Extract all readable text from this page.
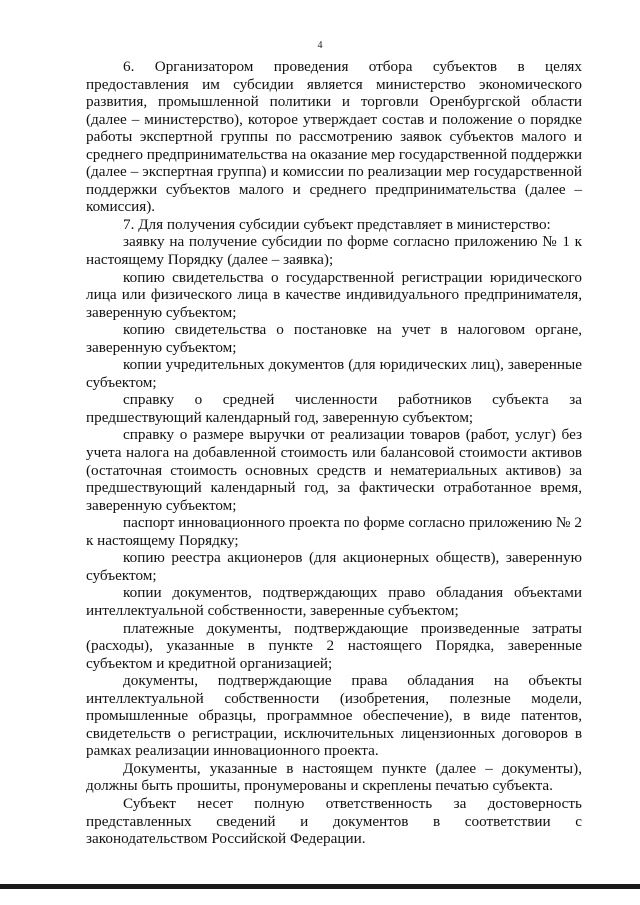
4

6. Организатором проведения отбора субъектов в целях предоставления им субсидии является министерство экономического развития, промышленной политики и торговли Оренбургской области (далее – министерство), которое утверждает состав и положение о порядке работы экспертной группы по рассмотрению заявок субъектов малого и среднего предпринимательства на оказание мер государственной поддержки (далее – экспертная группа) и комиссии по реализации мер государственной поддержки субъектов малого и среднего предпринимательства (далее – комиссия).

7. Для получения субсидии субъект представляет в министерство:

заявку на получение субсидии по форме согласно приложению № 1 к настоящему Порядку (далее – заявка);

копию свидетельства о государственной регистрации юридического лица или физического лица в качестве индивидуального предпринимателя, заверенную субъектом;

копию свидетельства о постановке на учет в налоговом органе, заверенную субъектом;

копии учредительных документов (для юридических лиц), заверенные субъектом;

справку о средней численности работников субъекта за предшествующий календарный год, заверенную субъектом;

справку о размере выручки от реализации товаров (работ, услуг) без учета налога на добавленной стоимость или балансовой стоимости активов (остаточная стоимость основных средств и нематериальных активов) за предшествующий календарный год, за фактически отработанное время, заверенную субъектом;

паспорт инновационного проекта по форме согласно приложению № 2 к настоящему Порядку;

копию реестра акционеров (для акционерных обществ), заверенную субъектом;

копии документов, подтверждающих право обладания объектами интеллектуальной собственности, заверенные субъектом;

платежные документы, подтверждающие произведенные затраты (расходы), указанные в пункте 2 настоящего Порядка, заверенные субъектом и кредитной организацией;

документы, подтверждающие права обладания на объекты интеллектуальной собственности (изобретения, полезные модели, промышленные образцы, программное обеспечение), в виде патентов, свидетельств о регистрации, исключительных лицензионных договоров в рамках реализации инновационного проекта.

Документы, указанные в настоящем пункте (далее – документы), должны быть прошиты, пронумерованы и скреплены печатью субъекта.

Субъект несет полную ответственность за достоверность представленных сведений и документов в соответствии с законодательством Российской Федерации.
